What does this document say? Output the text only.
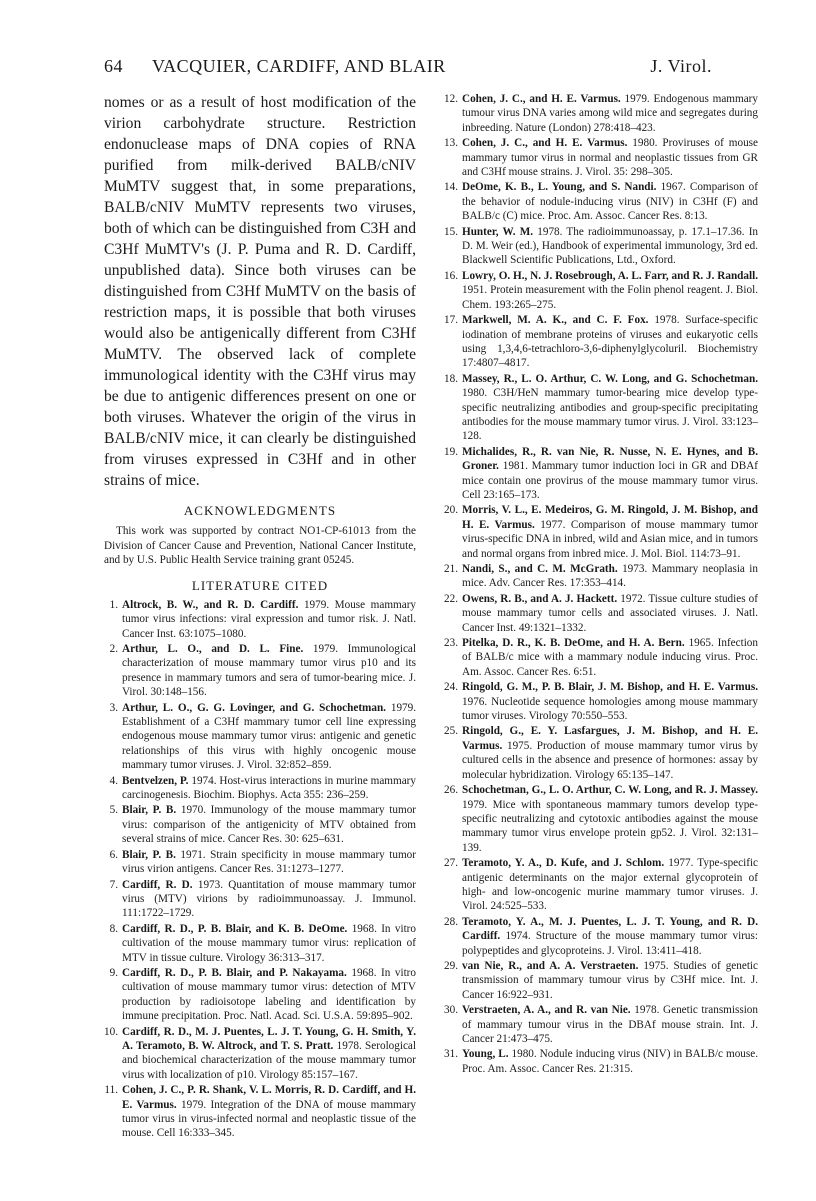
64 VACQUIER, CARDIFF, AND BLAIR	J. Virol.

nomes or as a result of host modification of the virion carbohydrate structure. Restriction endonuclease maps of DNA copies of RNA purified from milk-derived BALB/cNIV MuMTV suggest that, in some preparations, BALB/cNIV MuMTV represents two viruses, both of which can be distinguished from C3H and C3Hf MuMTV's (J. P. Puma and R. D. Cardiff, unpublished data). Since both viruses can be distinguished from C3Hf MuMTV on the basis of restriction maps, it is possible that both viruses would also be antigenically different from C3Hf MuMTV. The observed lack of complete immunological identity with the C3Hf virus may be due to antigenic differences present on one or both viruses. Whatever the origin of the virus in BALB/cNIV mice, it can clearly be distinguished from viruses expressed in C3Hf and in other strains of mice.

ACKNOWLEDGMENTS

This work was supported by contract NO1-CP-61013 from the Division of Cancer Cause and Prevention, National Cancer Institute, and by U.S. Public Health Service training grant 05245.

LITERATURE CITED
1. Altrock, B. W., and R. D. Cardiff. 1979. Mouse mammary tumor virus infections: viral expression and tumor risk. J. Natl. Cancer Inst. 63:1075–1080.
2. Arthur, L. O., and D. L. Fine. 1979. Immunological characterization of mouse mammary tumor virus p10 and its presence in mammary tumors and sera of tumor-bearing mice. J. Virol. 30:148–156.
3. Arthur, L. O., G. G. Lovinger, and G. Schochetman. 1979. Establishment of a C3Hf mammary tumor cell line expressing endogenous mouse mammary tumor virus: antigenic and genetic relationships of this virus with highly oncogenic mouse mammary tumor viruses. J. Virol. 32:852–859.
4. Bentvelzen, P. 1974. Host-virus interactions in murine mammary carcinogenesis. Biochim. Biophys. Acta 355: 236–259.
5. Blair, P. B. 1970. Immunology of the mouse mammary tumor virus: comparison of the antigenicity of MTV obtained from several strains of mice. Cancer Res. 30: 625–631.
6. Blair, P. B. 1971. Strain specificity in mouse mammary tumor virus virion antigens. Cancer Res. 31:1273–1277.
7. Cardiff, R. D. 1973. Quantitation of mouse mammary tumor virus (MTV) virions by radioimmunoassay. J. Immunol. 111:1722–1729.
8. Cardiff, R. D., P. B. Blair, and K. B. DeOme. 1968. In vitro cultivation of the mouse mammary tumor virus: replication of MTV in tissue culture. Virology 36:313–317.
9. Cardiff, R. D., P. B. Blair, and P. Nakayama. 1968. In vitro cultivation of mouse mammary tumor virus: detection of MTV production by radioisotope labeling and identification by immune precipitation. Proc. Natl. Acad. Sci. U.S.A. 59:895–902.
10. Cardiff, R. D., M. J. Puentes, L. J. T. Young, G. H. Smith, Y. A. Teramoto, B. W. Altrock, and T. S. Pratt. 1978. Serological and biochemical characterization of the mouse mammary tumor virus with localization of p10. Virology 85:157–167.
11. Cohen, J. C., P. R. Shank, V. L. Morris, R. D. Cardiff, and H. E. Varmus. 1979. Integration of the DNA of mouse mammary tumor virus in virus-infected normal and neoplastic tissue of the mouse. Cell 16:333–345.
12. Cohen, J. C., and H. E. Varmus. 1979. Endogenous mammary tumour virus DNA varies among wild mice and segregates during inbreeding. Nature (London) 278:418–423.
13. Cohen, J. C., and H. E. Varmus. 1980. Proviruses of mouse mammary tumor virus in normal and neoplastic tissues from GR and C3Hf mouse strains. J. Virol. 35: 298–305.
14. DeOme, K. B., L. Young, and S. Nandi. 1967. Comparison of the behavior of nodule-inducing virus (NIV) in C3Hf (F) and BALB/c (C) mice. Proc. Am. Assoc. Cancer Res. 8:13.
15. Hunter, W. M. 1978. The radioimmunoassay, p. 17.1–17.36. In D. M. Weir (ed.), Handbook of experimental immunology, 3rd ed. Blackwell Scientific Publications, Ltd., Oxford.
16. Lowry, O. H., N. J. Rosebrough, A. L. Farr, and R. J. Randall. 1951. Protein measurement with the Folin phenol reagent. J. Biol. Chem. 193:265–275.
17. Markwell, M. A. K., and C. F. Fox. 1978. Surface-specific iodination of membrane proteins of viruses and eukaryotic cells using 1,3,4,6-tetrachloro-3,6-diphenylglycoluril. Biochemistry 17:4807–4817.
18. Massey, R., L. O. Arthur, C. W. Long, and G. Schochetman. 1980. C3H/HeN mammary tumor-bearing mice develop type-specific neutralizing antibodies and group-specific precipitating antibodies for the mouse mammary tumor virus. J. Virol. 33:123–128.
19. Michalides, R., R. van Nie, R. Nusse, N. E. Hynes, and B. Groner. 1981. Mammary tumor induction loci in GR and DBAf mice contain one provirus of the mouse mammary tumor virus. Cell 23:165–173.
20. Morris, V. L., E. Medeiros, G. M. Ringold, J. M. Bishop, and H. E. Varmus. 1977. Comparison of mouse mammary tumor virus-specific DNA in inbred, wild and Asian mice, and in tumors and normal organs from inbred mice. J. Mol. Biol. 114:73–91.
21. Nandi, S., and C. M. McGrath. 1973. Mammary neoplasia in mice. Adv. Cancer Res. 17:353–414.
22. Owens, R. B., and A. J. Hackett. 1972. Tissue culture studies of mouse mammary tumor cells and associated viruses. J. Natl. Cancer Inst. 49:1321–1332.
23. Pitelka, D. R., K. B. DeOme, and H. A. Bern. 1965. Infection of BALB/c mice with a mammary nodule inducing virus. Proc. Am. Assoc. Cancer Res. 6:51.
24. Ringold, G. M., P. B. Blair, J. M. Bishop, and H. E. Varmus. 1976. Nucleotide sequence homologies among mouse mammary tumor viruses. Virology 70:550–553.
25. Ringold, G., E. Y. Lasfargues, J. M. Bishop, and H. E. Varmus. 1975. Production of mouse mammary tumor virus by cultured cells in the absence and presence of hormones: assay by molecular hybridization. Virology 65:135–147.
26. Schochetman, G., L. O. Arthur, C. W. Long, and R. J. Massey. 1979. Mice with spontaneous mammary tumors develop type-specific neutralizing and cytotoxic antibodies against the mouse mammary tumor virus envelope protein gp52. J. Virol. 32:131–139.
27. Teramoto, Y. A., D. Kufe, and J. Schlom. 1977. Type-specific antigenic determinants on the major external glycoprotein of high- and low-oncogenic murine mammary tumor viruses. J. Virol. 24:525–533.
28. Teramoto, Y. A., M. J. Puentes, L. J. T. Young, and R. D. Cardiff. 1974. Structure of the mouse mammary tumor virus: polypeptides and glycoproteins. J. Virol. 13:411–418.
29. van Nie, R., and A. A. Verstraeten. 1975. Studies of genetic transmission of mammary tumour virus by C3Hf mice. Int. J. Cancer 16:922–931.
30. Verstraeten, A. A., and R. van Nie. 1978. Genetic transmission of mammary tumour virus in the DBAf mouse strain. Int. J. Cancer 21:473–475.
31. Young, L. 1980. Nodule inducing virus (NIV) in BALB/c mouse. Proc. Am. Assoc. Cancer Res. 21:315.
